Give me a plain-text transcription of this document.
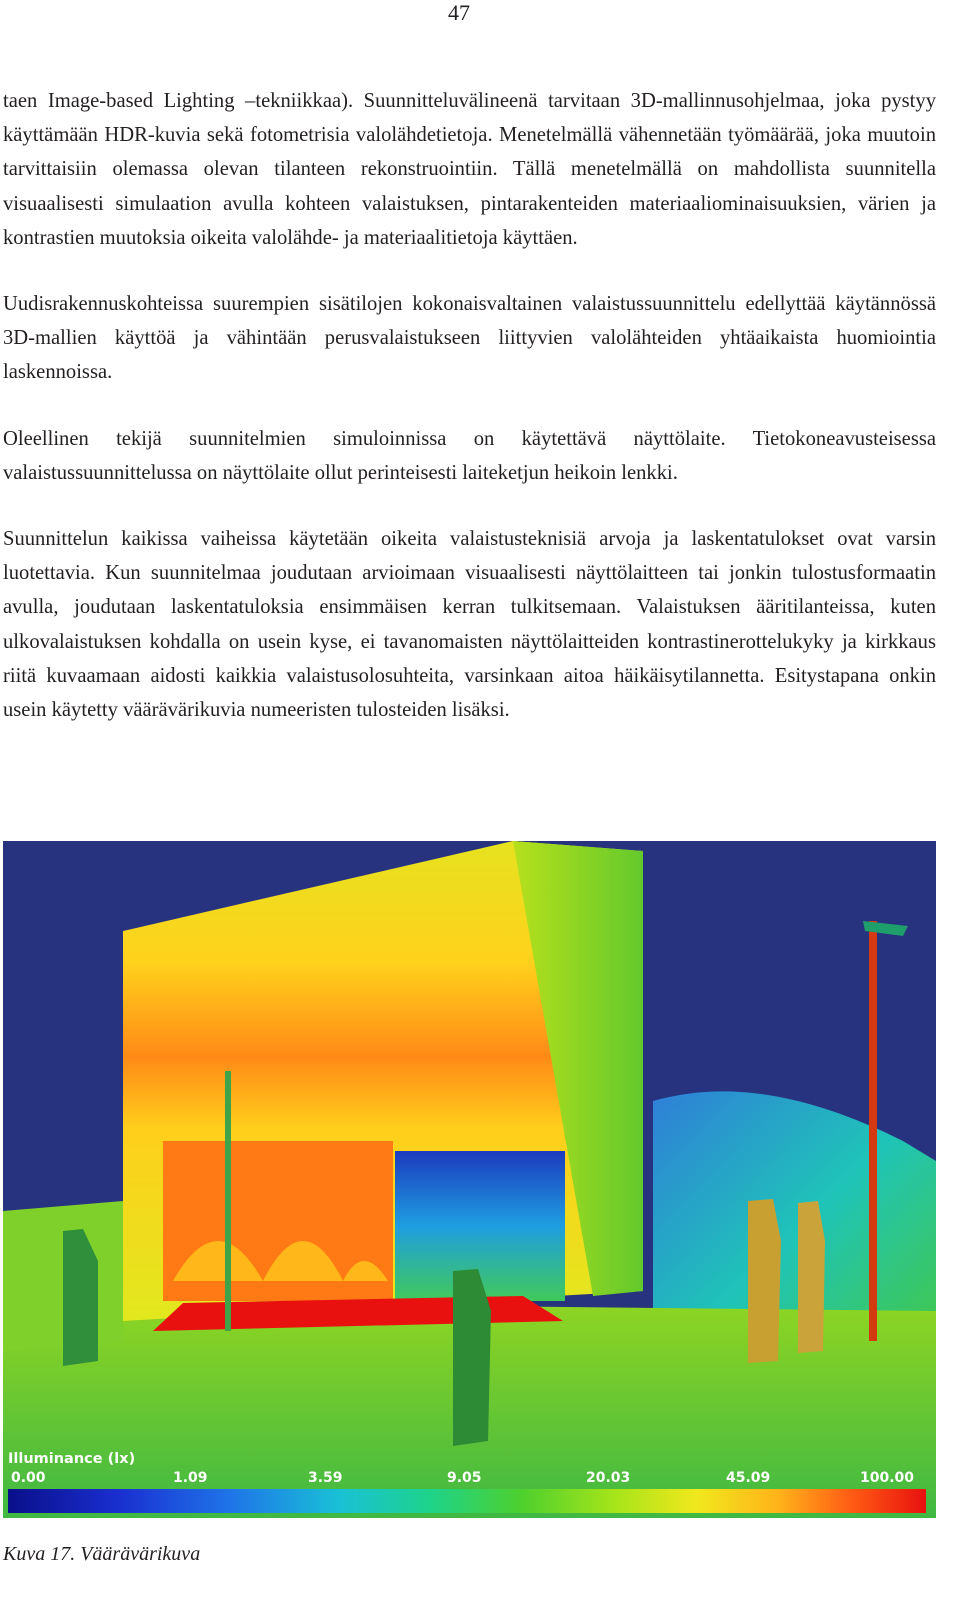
47

taen Image-based Lighting –tekniikkaa). Suunnitteluvälineenä tarvitaan 3D-mallinnusohjelmaa, joka pystyy käyttämään HDR-kuvia sekä fotometrisia valolähdetietoja. Menetelmällä vähennetään työmäärää, joka muutoin tarvittaisiin olemassa olevan tilanteen rekonstruointiin. Tällä menetelmällä on mahdollista suunnitella visuaalisesti simulaation avulla kohteen valaistuksen, pintarakenteiden materiaaliominaisuuksien, värien ja kontrastien muutoksia oikeita valolähde- ja materiaalitietoja käyttäen.

Uudisrakennuskohteissa suurempien sisätilojen kokonaisvaltainen valaistussuunnittelu edellyttää käytännössä 3D-mallien käyttöä ja vähintään perusvalaistukseen liittyvien valolähteiden yhtäaikaista huomiointia laskennoissa.

Oleellinen tekijä suunnitelmien simuloinnissa on käytettävä näyttölaite. Tietokoneavusteisessa valaistussuunnittelussa on näyttölaite ollut perinteisesti laiteketjun heikoin lenkki.

Suunnittelun kaikissa vaiheissa käytetään oikeita valaistusteknisiä arvoja ja laskentatulokset ovat varsin luotettavia. Kun suunnitelmaa joudutaan arvioimaan visuaalisesti näyttölaitteen tai jonkin tulostusformaatin avulla, joudutaan laskentatuloksia ensimmäisen kerran tulkitsemaan. Valaistuksen ääritilanteissa, kuten ulkovalaistuksen kohdalla on usein kyse, ei tavanomaisten näyttölaitteiden kontrastinerottelukyky ja kirkkaus riitä kuvaamaan aidosti kaikkia valaistusolosuhteita, varsinkaan aitoa häikäisytilannetta. Esitystapana onkin usein käytetty väärävärikuvia numeeristen tulosteiden lisäksi.

Illuminance (lx)
0.00	1.09	3.59	9.05	20.03	45.09	100.00
Kuva 17. Väärävärikuva
